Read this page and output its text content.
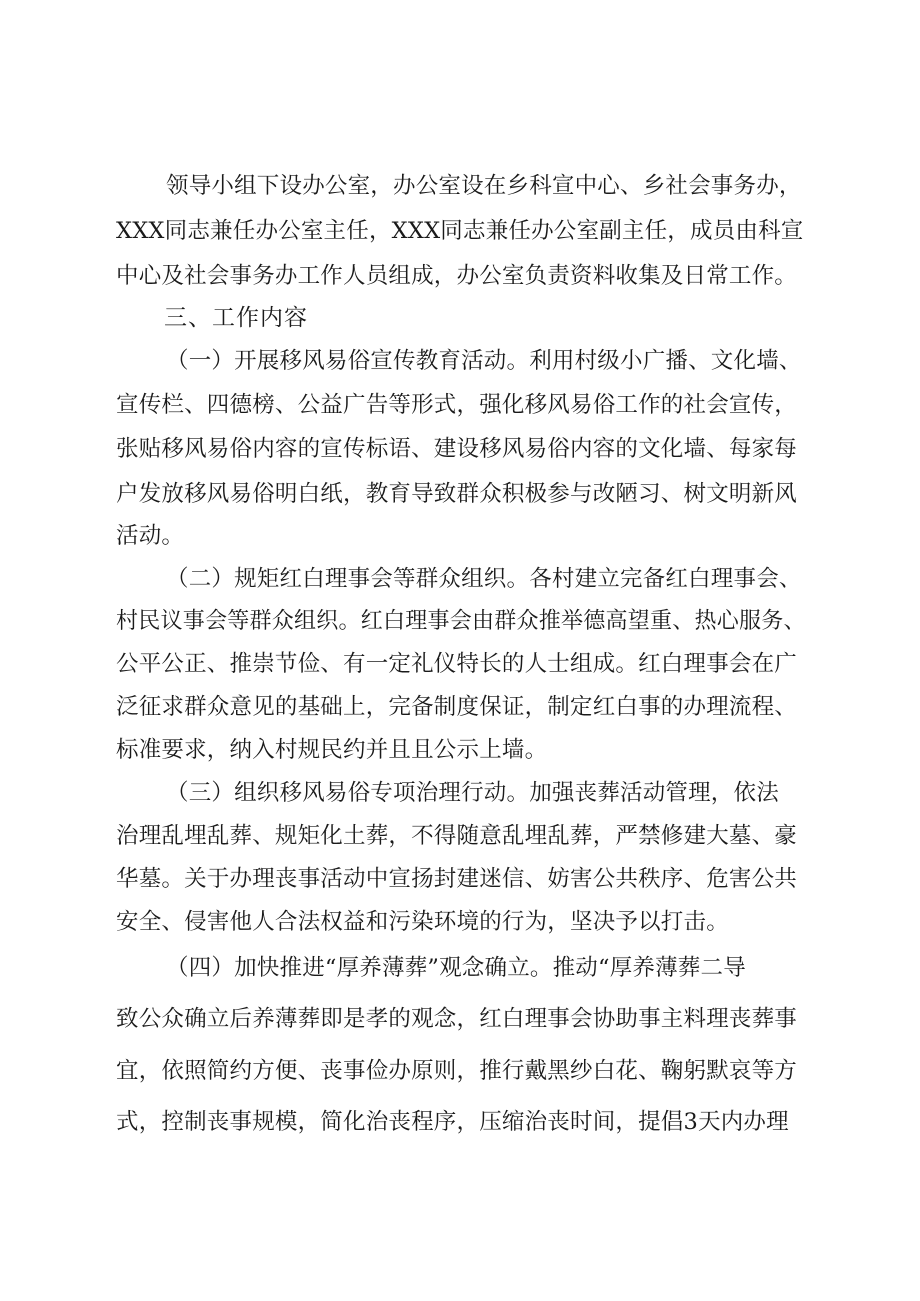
领导小组下设办公室，办公室设在乡科宣中心、乡社会事务办，
XXX同志兼任办公室主任，XXX同志兼任办公室副主任，成员由科宣
中心及社会事务办工作人员组成，办公室负责资料收集及日常工作。
三、工作内容
（一）开展移风易俗宣传教育活动。利用村级小广播、文化墙、
宣传栏、四德榜、公益广告等形式，强化移风易俗工作的社会宣传，
张贴移风易俗内容的宣传标语、建设移风易俗内容的文化墙、每家每
户发放移风易俗明白纸，教育导致群众积极参与改陋习、树文明新风
活动。
（二）规矩红白理事会等群众组织。各村建立完备红白理事会、
村民议事会等群众组织。红白理事会由群众推举德高望重、热心服务、
公平公正、推崇节俭、有一定礼仪特长的人士组成。红白理事会在广
泛征求群众意见的基础上，完备制度保证，制定红白事的办理流程、
标准要求，纳入村规民约并且且公示上墙。
（三）组织移风易俗专项治理行动。加强丧葬活动管理，依法
治理乱埋乱葬、规矩化土葬，不得随意乱埋乱葬，严禁修建大墓、豪
华墓。关于办理丧事活动中宣扬封建迷信、妨害公共秩序、危害公共
安全、侵害他人合法权益和污染环境的行为，坚决予以打击。
（四）加快推进“厚养薄葬”观念确立。推动“厚养薄葬二导
致公众确立后养薄葬即是孝的观念，红白理事会协助事主料理丧葬事
宜，依照简约方便、丧事俭办原则，推行戴黑纱白花、鞠躬默哀等方
式，控制丧事规模，简化治丧程序，压缩治丧时间，提倡3天内办理
